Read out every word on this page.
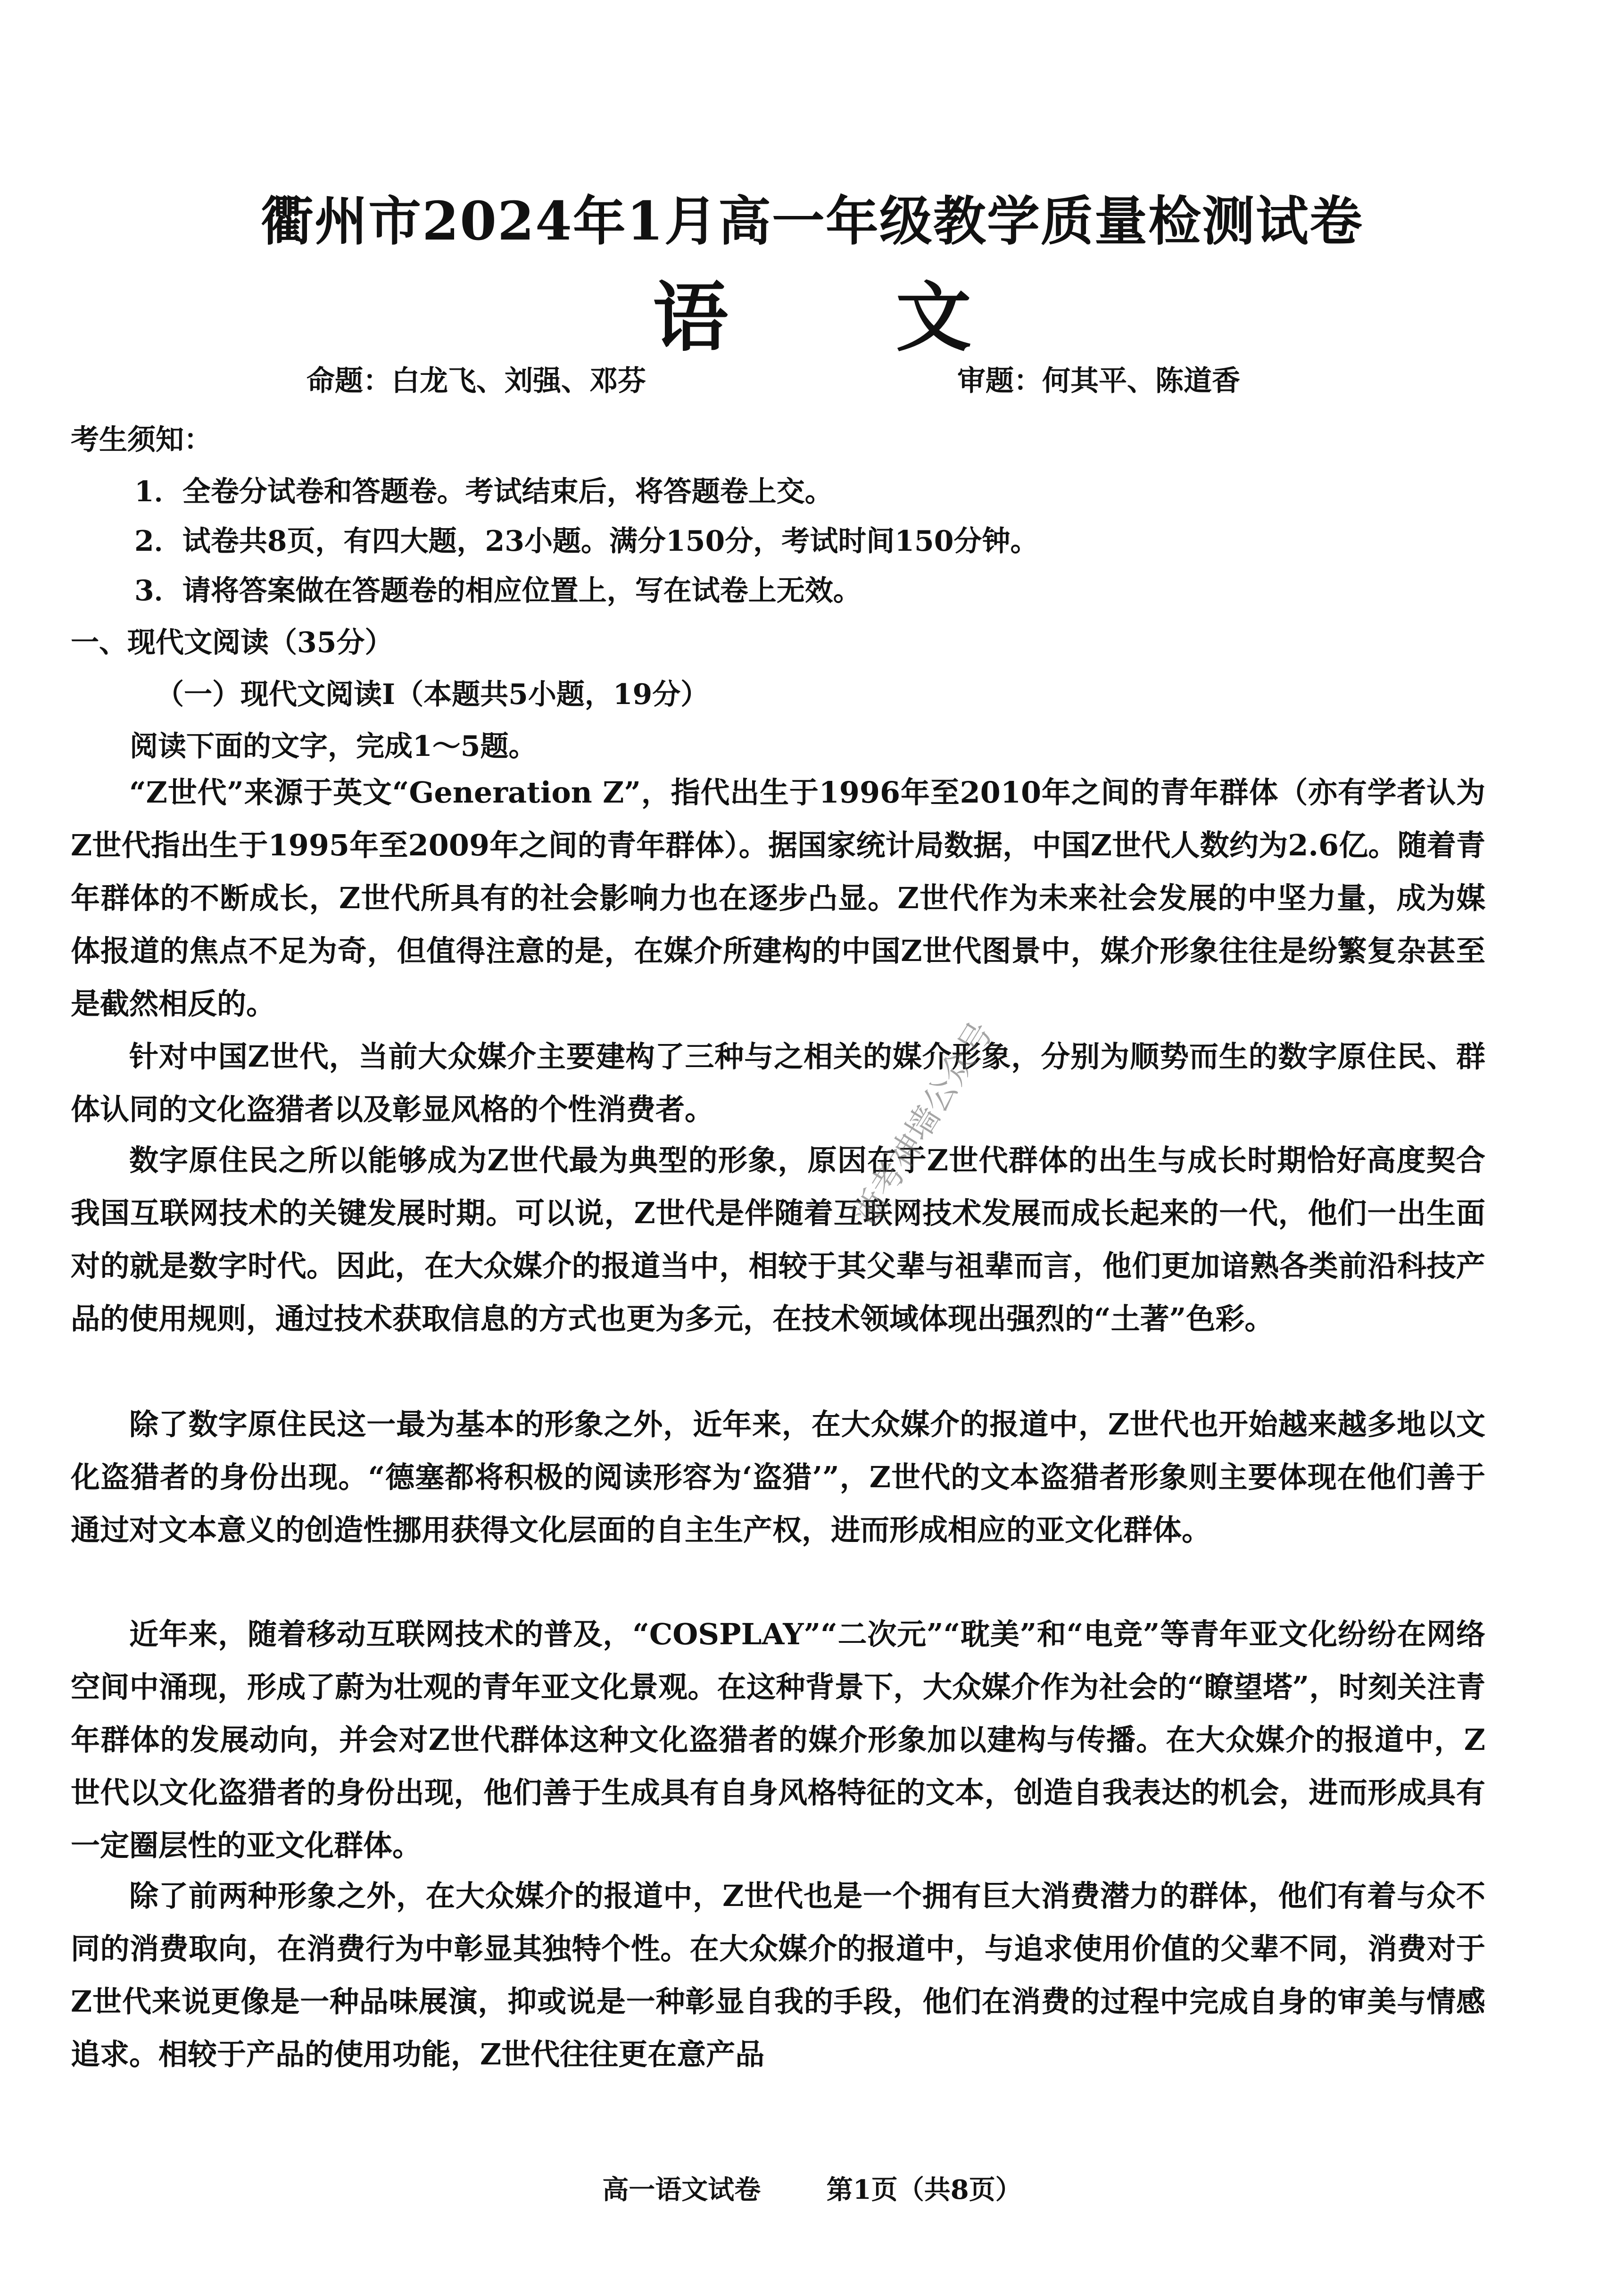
衢州市2024年1月高一年级教学质量检测试卷
语 文
命题：白龙飞、刘强、邓芬	审题：何其平、陈道香
考生须知：
1．全卷分试卷和答题卷。考试结束后，将答题卷上交。
2．试卷共8页，有四大题，23小题。满分150分，考试时间150分钟。
3．请将答案做在答题卷的相应位置上，写在试卷上无效。
一、现代文阅读（35分）
（一）现代文阅读Ⅰ（本题共5小题，19分）
阅读下面的文字，完成1～5题。

“Z世代”来源于英文“Generation Z”，指代出生于1996年至2010年之间的青年群体（亦有学者认为Z世代指出生于1995年至2009年之间的青年群体）。据国家统计局数据，中国Z世代人数约为2.6亿。随着青年群体的不断成长，Z世代所具有的社会影响力也在逐步凸显。Z世代作为未来社会发展的中坚力量，成为媒体报道的焦点不足为奇，但值得注意的是，在媒介所建构的中国Z世代图景中，媒介形象往往是纷繁复杂甚至是截然相反的。

针对中国Z世代，当前大众媒介主要建构了三种与之相关的媒介形象，分别为顺势而生的数字原住民、群体认同的文化盗猎者以及彰显风格的个性消费者。

数字原住民之所以能够成为Z世代最为典型的形象，原因在于Z世代群体的出生与成长时期恰好高度契合我国互联网技术的关键发展时期。可以说，Z世代是伴随着互联网技术发展而成长起来的一代，他们一出生面对的就是数字时代。因此，在大众媒介的报道当中，相较于其父辈与祖辈而言，他们更加谙熟各类前沿科技产品的使用规则，通过技术获取信息的方式也更为多元，在技术领域体现出强烈的“土著”色彩。

除了数字原住民这一最为基本的形象之外，近年来，在大众媒介的报道中，Z世代也开始越来越多地以文化盗猎者的身份出现。“德塞都将积极的阅读形容为‘盗猎’”，Z世代的文本盗猎者形象则主要体现在他们善于通过对文本意义的创造性挪用获得文化层面的自主生产权，进而形成相应的亚文化群体。

近年来，随着移动互联网技术的普及，“COSPLAY”“二次元”“耽美”和“电竞”等青年亚文化纷纷在网络空间中涌现，形成了蔚为壮观的青年亚文化景观。在这种背景下，大众媒介作为社会的“瞭望塔”，时刻关注青年群体的发展动向，并会对Z世代群体这种文化盗猎者的媒介形象加以建构与传播。在大众媒介的报道中，Z世代以文化盗猎者的身份出现，他们善于生成具有自身风格特征的文本，创造自我表达的机会，进而形成具有一定圈层性的亚文化群体。

除了前两种形象之外，在大众媒介的报道中，Z世代也是一个拥有巨大消费潜力的群体，他们有着与众不同的消费取向，在消费行为中彰显其独特个性。在大众媒介的报道中，与追求使用价值的父辈不同，消费对于Z世代来说更像是一种品味展演，抑或说是一种彰显自我的手段，他们在消费的过程中完成自身的审美与情感追求。相较于产品的使用功能，Z世代往往更在意产品

高一语文试卷 第1页（共8页）
浙考神墙公众号
